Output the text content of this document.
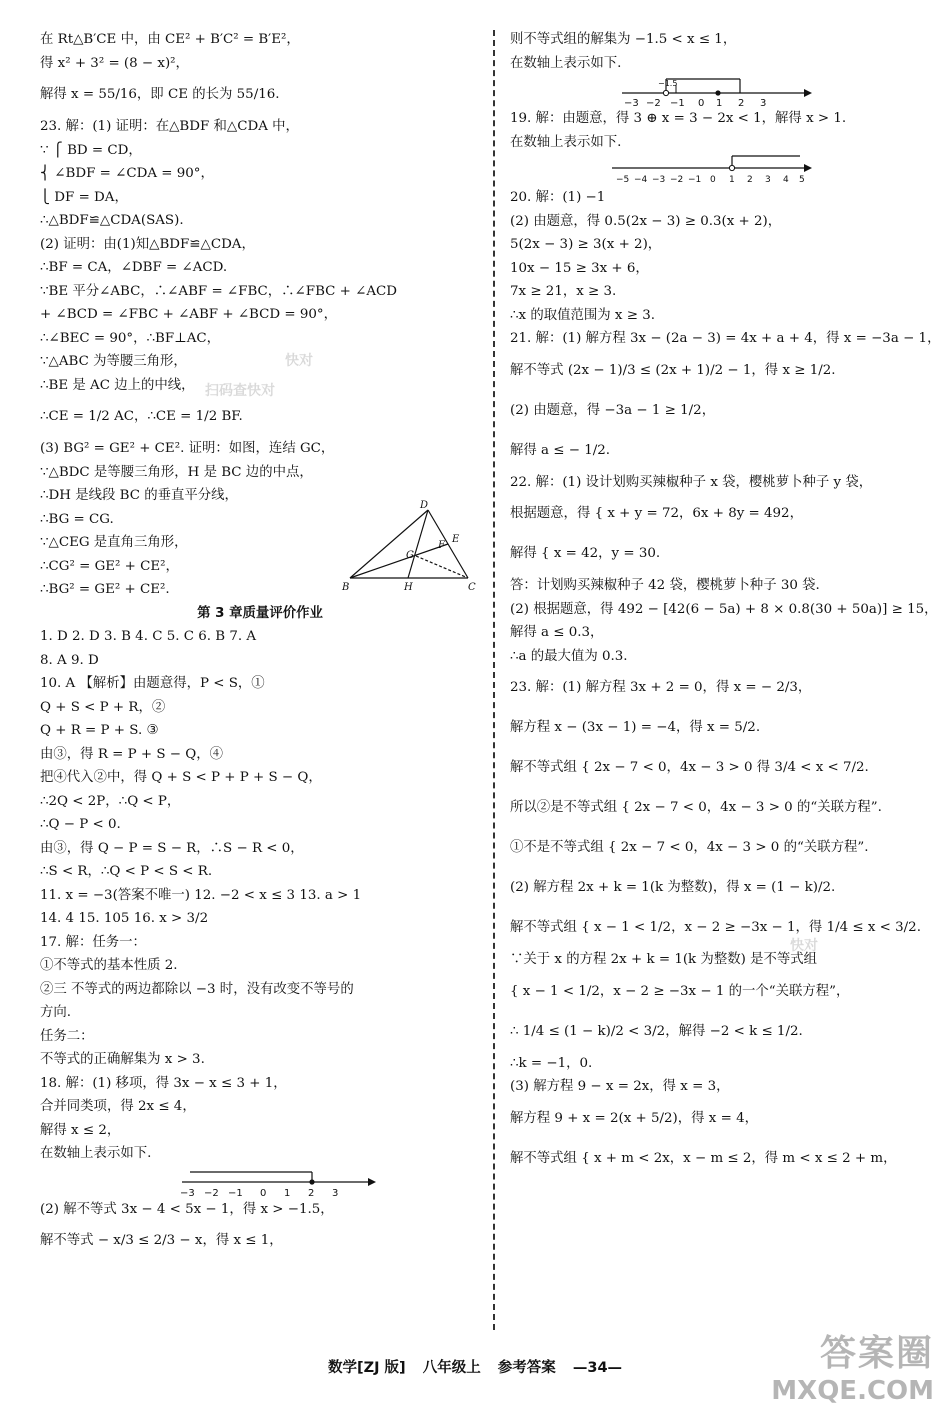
在 Rt△B′CE 中，由 CE² + B′C² = B′E²，
得 x² + 3² = (8 − x)²，
解得 x = 55/16，即 CE 的长为 55/16.
23. 解：(1) 证明：在△BDF 和△CDA 中，
∵ ⎧ BD = CD，
⎨ ∠BDF = ∠CDA = 90°，
⎩ DF = DA，
∴△BDF≌△CDA(SAS).
(2) 证明：由(1)知△BDF≌△CDA，
∴BF = CA，∠DBF = ∠ACD.
∵BE 平分∠ABC，∴∠ABF = ∠FBC，∴∠FBC + ∠ACD
+ ∠BCD = ∠FBC + ∠ABF + ∠BCD = 90°，
∴∠BEC = 90°，∴BF⊥AC，
∵△ABC 为等腰三角形，
∴BE 是 AC 边上的中线，
∴CE = 1/2 AC，∴CE = 1/2 BF.
(3) BG² = GE² + CE². 证明：如图，连结 GC，
∵△BDC 是等腰三角形，H 是 BC 边的中点，
∴DH 是线段 BC 的垂直平分线，
∴BG = CG.
∵△CEG 是直角三角形，
∴CG² = GE² + CE²，
∴BG² = GE² + CE².
第 3 章质量评价作业
1. D 2. D 3. B 4. C 5. C 6. B 7. A
8. A 9. D
10. A 【解析】由题意得，P < S，①
Q + S < P + R，②
Q + R = P + S. ③
由③，得 R = P + S − Q，④
把④代入②中，得 Q + S < P + P + S − Q，
∴2Q < 2P，∴Q < P，
∴Q − P < 0.
由③，得 Q − P = S − R，∴S − R < 0，
∴S < R，∴Q < P < S < R.
11. x = −3(答案不唯一) 12. −2 < x ≤ 3 13. a > 1
14. 4 15. 105 16. x > 3/2
17. 解：任务一：
①不等式的基本性质 2.
②三 不等式的两边都除以 −3 时，没有改变不等号的
方向.
任务二：
不等式的正确解集为 x > 3.
18. 解：(1) 移项，得 3x − x ≤ 3 + 1，
合并同类项，得 2x ≤ 4，
解得 x ≤ 2，
在数轴上表示如下.
−3 −2 −1 0 1 2 3
(2) 解不等式 3x − 4 < 5x − 1，得 x > −1.5，
解不等式 − x/3 ≤ 2/3 − x，得 x ≤ 1，
D
G
F
E
B	H	C
则不等式组的解集为 −1.5 < x ≤ 1，
在数轴上表示如下.
−1.5
−3 −2 −1 0 1 2 3
19. 解：由题意，得 3 ⊕ x = 3 − 2x < 1，解得 x > 1.
在数轴上表示如下.
−5 −4 −3 −2 −1 0 1 2 3 4 5
20. 解：(1) −1
(2) 由题意，得 0.5(2x − 3) ≥ 0.3(x + 2)，
5(2x − 3) ≥ 3(x + 2)，
10x − 15 ≥ 3x + 6，
7x ≥ 21，x ≥ 3.
∴x 的取值范围为 x ≥ 3.
21. 解：(1) 解方程 3x − (2a − 3) = 4x + a + 4，得 x = −3a − 1，
解不等式 (2x − 1)/3 ≤ (2x + 1)/2 − 1，得 x ≥ 1/2.
(2) 由题意，得 −3a − 1 ≥ 1/2，
解得 a ≤ − 1/2.
22. 解：(1) 设计划购买辣椒种子 x 袋，樱桃萝卜种子 y 袋，
根据题意，得 { x + y = 72，6x + 8y = 492，
解得 { x = 42，y = 30.
答：计划购买辣椒种子 42 袋，樱桃萝卜种子 30 袋.
(2) 根据题意，得 492 − [42(6 − 5a) + 8 × 0.8(30 + 50a)] ≥ 15，
解得 a ≤ 0.3，
∴a 的最大值为 0.3.
23. 解：(1) 解方程 3x + 2 = 0，得 x = − 2/3，
解方程 x − (3x − 1) = −4，得 x = 5/2.
解不等式组 { 2x − 7 < 0，4x − 3 > 0 得 3/4 < x < 7/2.
所以②是不等式组 { 2x − 7 < 0，4x − 3 > 0 的“关联方程”.
①不是不等式组 { 2x − 7 < 0，4x − 3 > 0 的“关联方程”.
(2) 解方程 2x + k = 1(k 为整数)，得 x = (1 − k)/2.
解不等式组 { x − 1 < 1/2，x − 2 ≥ −3x − 1，得 1/4 ≤ x < 3/2.
∵关于 x 的方程 2x + k = 1(k 为整数) 是不等式组
{ x − 1 < 1/2，x − 2 ≥ −3x − 1 的一个“关联方程”，
∴ 1/4 ≤ (1 − k)/2 < 3/2，解得 −2 < k ≤ 1/2.
∴k = −1，0.
(3) 解方程 9 − x = 2x，得 x = 3，
解方程 9 + x = 2(x + 5/2)，得 x = 4，
解不等式组 { x + m < 2x，x − m ≤ 2，得 m < x ≤ 2 + m，
快对
扫码查快对
快对
数学[ZJ 版] 八年级上 参考答案 —34—	答案圈
MXQE.COM
